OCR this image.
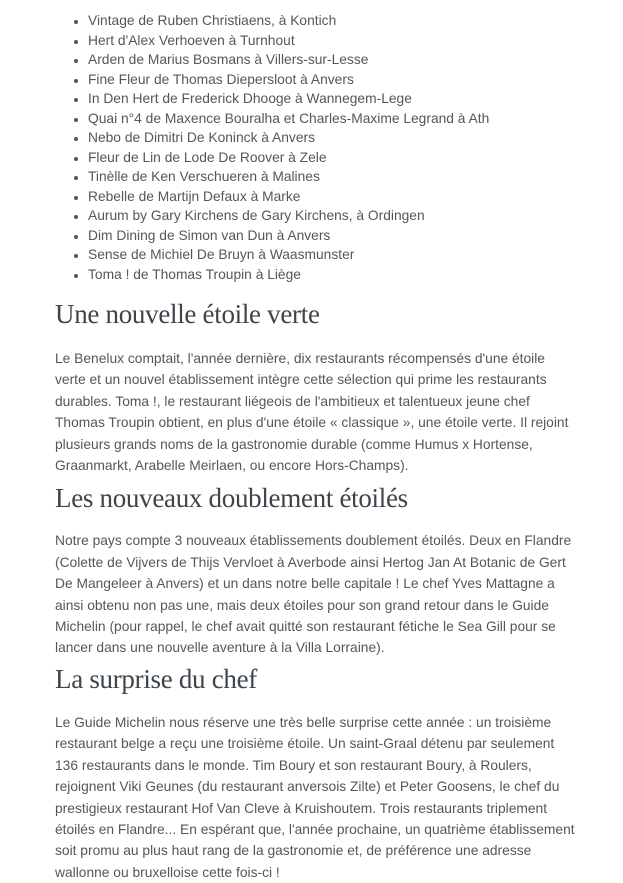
• Vintage de Ruben Christiaens, à Kontich
• Hert d'Alex Verhoeven à Turnhout
• Arden de Marius Bosmans à Villers-sur-Lesse
• Fine Fleur de Thomas Diepersloot à Anvers
• In Den Hert de Frederick Dhooge à Wannegem-Lege
• Quai n°4 de Maxence Bouralha et Charles-Maxime Legrand à Ath
• Nebo de Dimitri De Koninck à Anvers
• Fleur de Lin de Lode De Roover à Zele
• Tinèlle de Ken Verschueren à Malines
• Rebelle de Martijn Defaux à Marke
• Aurum by Gary Kirchens de Gary Kirchens, à Ordingen
• Dim Dining de Simon van Dun à Anvers
• Sense de Michiel De Bruyn à Waasmunster
• Toma ! de Thomas Troupin à Liège
Une nouvelle étoile verte

Le Benelux comptait, l'année dernière, dix restaurants récompensés d'une étoile verte et un nouvel établissement intègre cette sélection qui prime les restaurants durables. Toma !, le restaurant liégeois de l'ambitieux et talentueux jeune chef Thomas Troupin obtient, en plus d'une étoile « classique », une étoile verte. Il rejoint plusieurs grands noms de la gastronomie durable (comme Humus x Hortense, Graanmarkt, Arabelle Meirlaen, ou encore Hors-Champs).

Les nouveaux doublement étoilés

Notre pays compte 3 nouveaux établissements doublement étoilés. Deux en Flandre (Colette de Vijvers de Thijs Vervloet à Averbode ainsi Hertog Jan At Botanic de Gert De Mangeleer à Anvers) et un dans notre belle capitale ! Le chef Yves Mattagne a ainsi obtenu non pas une, mais deux étoiles pour son grand retour dans le Guide Michelin (pour rappel, le chef avait quitté son restaurant fétiche le Sea Gill pour se lancer dans une nouvelle aventure à la Villa Lorraine).

La surprise du chef

Le Guide Michelin nous réserve une très belle surprise cette année : un troisième restaurant belge a reçu une troisième étoile. Un saint-Graal détenu par seulement 136 restaurants dans le monde. Tim Boury et son restaurant Boury, à Roulers, rejoignent Viki Geunes (du restaurant anversois Zilte) et Peter Goosens, le chef du prestigieux restaurant Hof Van Cleve à Kruishoutem. Trois restaurants triplement étoilés en Flandre... En espérant que, l'année prochaine, un quatrième établissement soit promu au plus haut rang de la gastronomie et, de préférence une adresse wallonne ou bruxelloise cette fois-ci !
